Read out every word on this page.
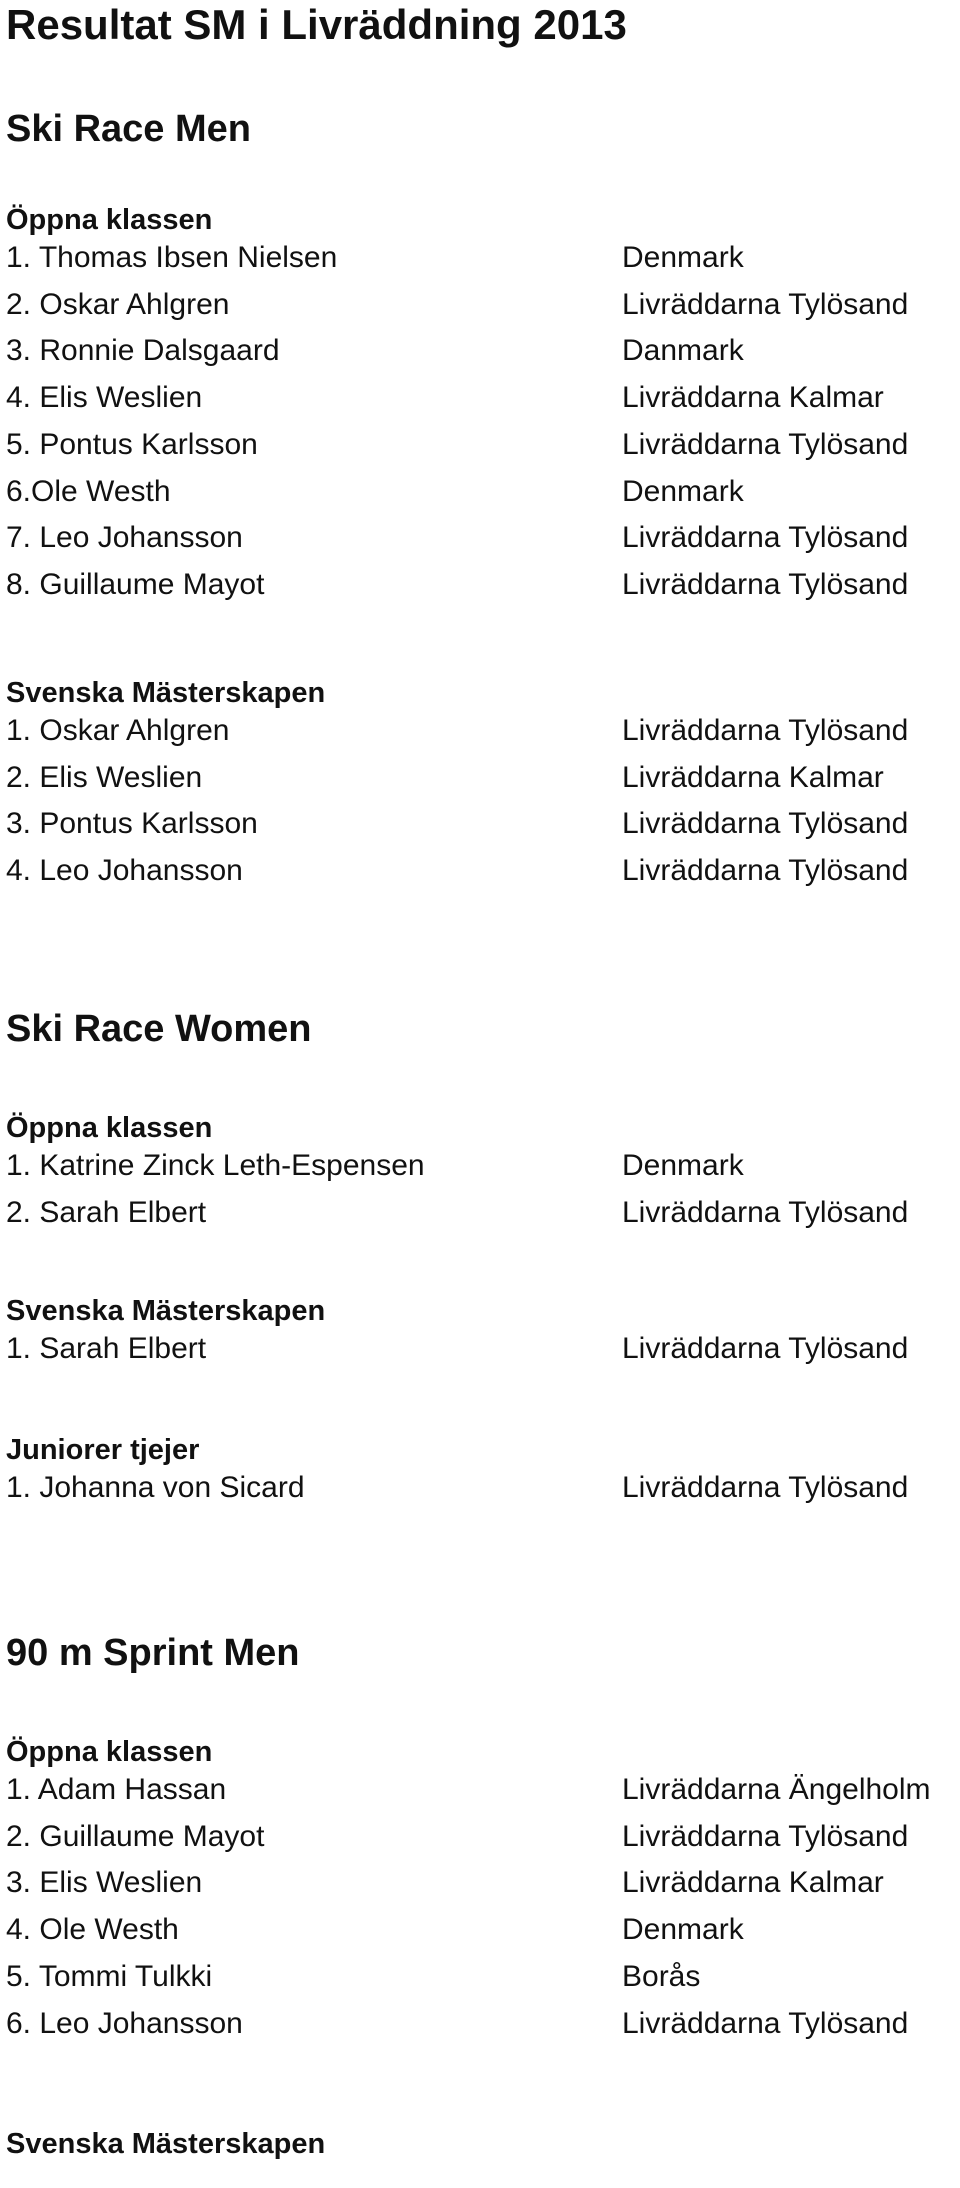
Resultat SM i Livräddning 2013
Ski Race Men
Öppna klassen
1. Thomas Ibsen Nielsen	Denmark
2. Oskar Ahlgren	Livräddarna Tylösand
3. Ronnie Dalsgaard	Danmark
4. Elis Weslien	Livräddarna Kalmar
5. Pontus Karlsson	Livräddarna Tylösand
6.Ole Westh	Denmark
7. Leo Johansson	Livräddarna Tylösand
8. Guillaume Mayot	Livräddarna Tylösand
Svenska Mästerskapen
1. Oskar Ahlgren	Livräddarna Tylösand
2. Elis Weslien	Livräddarna Kalmar
3. Pontus Karlsson	Livräddarna Tylösand
4. Leo Johansson	Livräddarna Tylösand
Ski Race Women
Öppna klassen
1. Katrine Zinck Leth-Espensen	Denmark
2. Sarah Elbert	Livräddarna Tylösand
Svenska Mästerskapen
1. Sarah Elbert	Livräddarna Tylösand
Juniorer tjejer
1. Johanna von Sicard	Livräddarna Tylösand
90 m Sprint Men
Öppna klassen
1. Adam Hassan	Livräddarna Ängelholm
2. Guillaume Mayot	Livräddarna Tylösand
3. Elis Weslien	Livräddarna Kalmar
4. Ole Westh	Denmark
5. Tommi Tulkki	Borås
6. Leo Johansson	Livräddarna Tylösand
Svenska Mästerskapen
